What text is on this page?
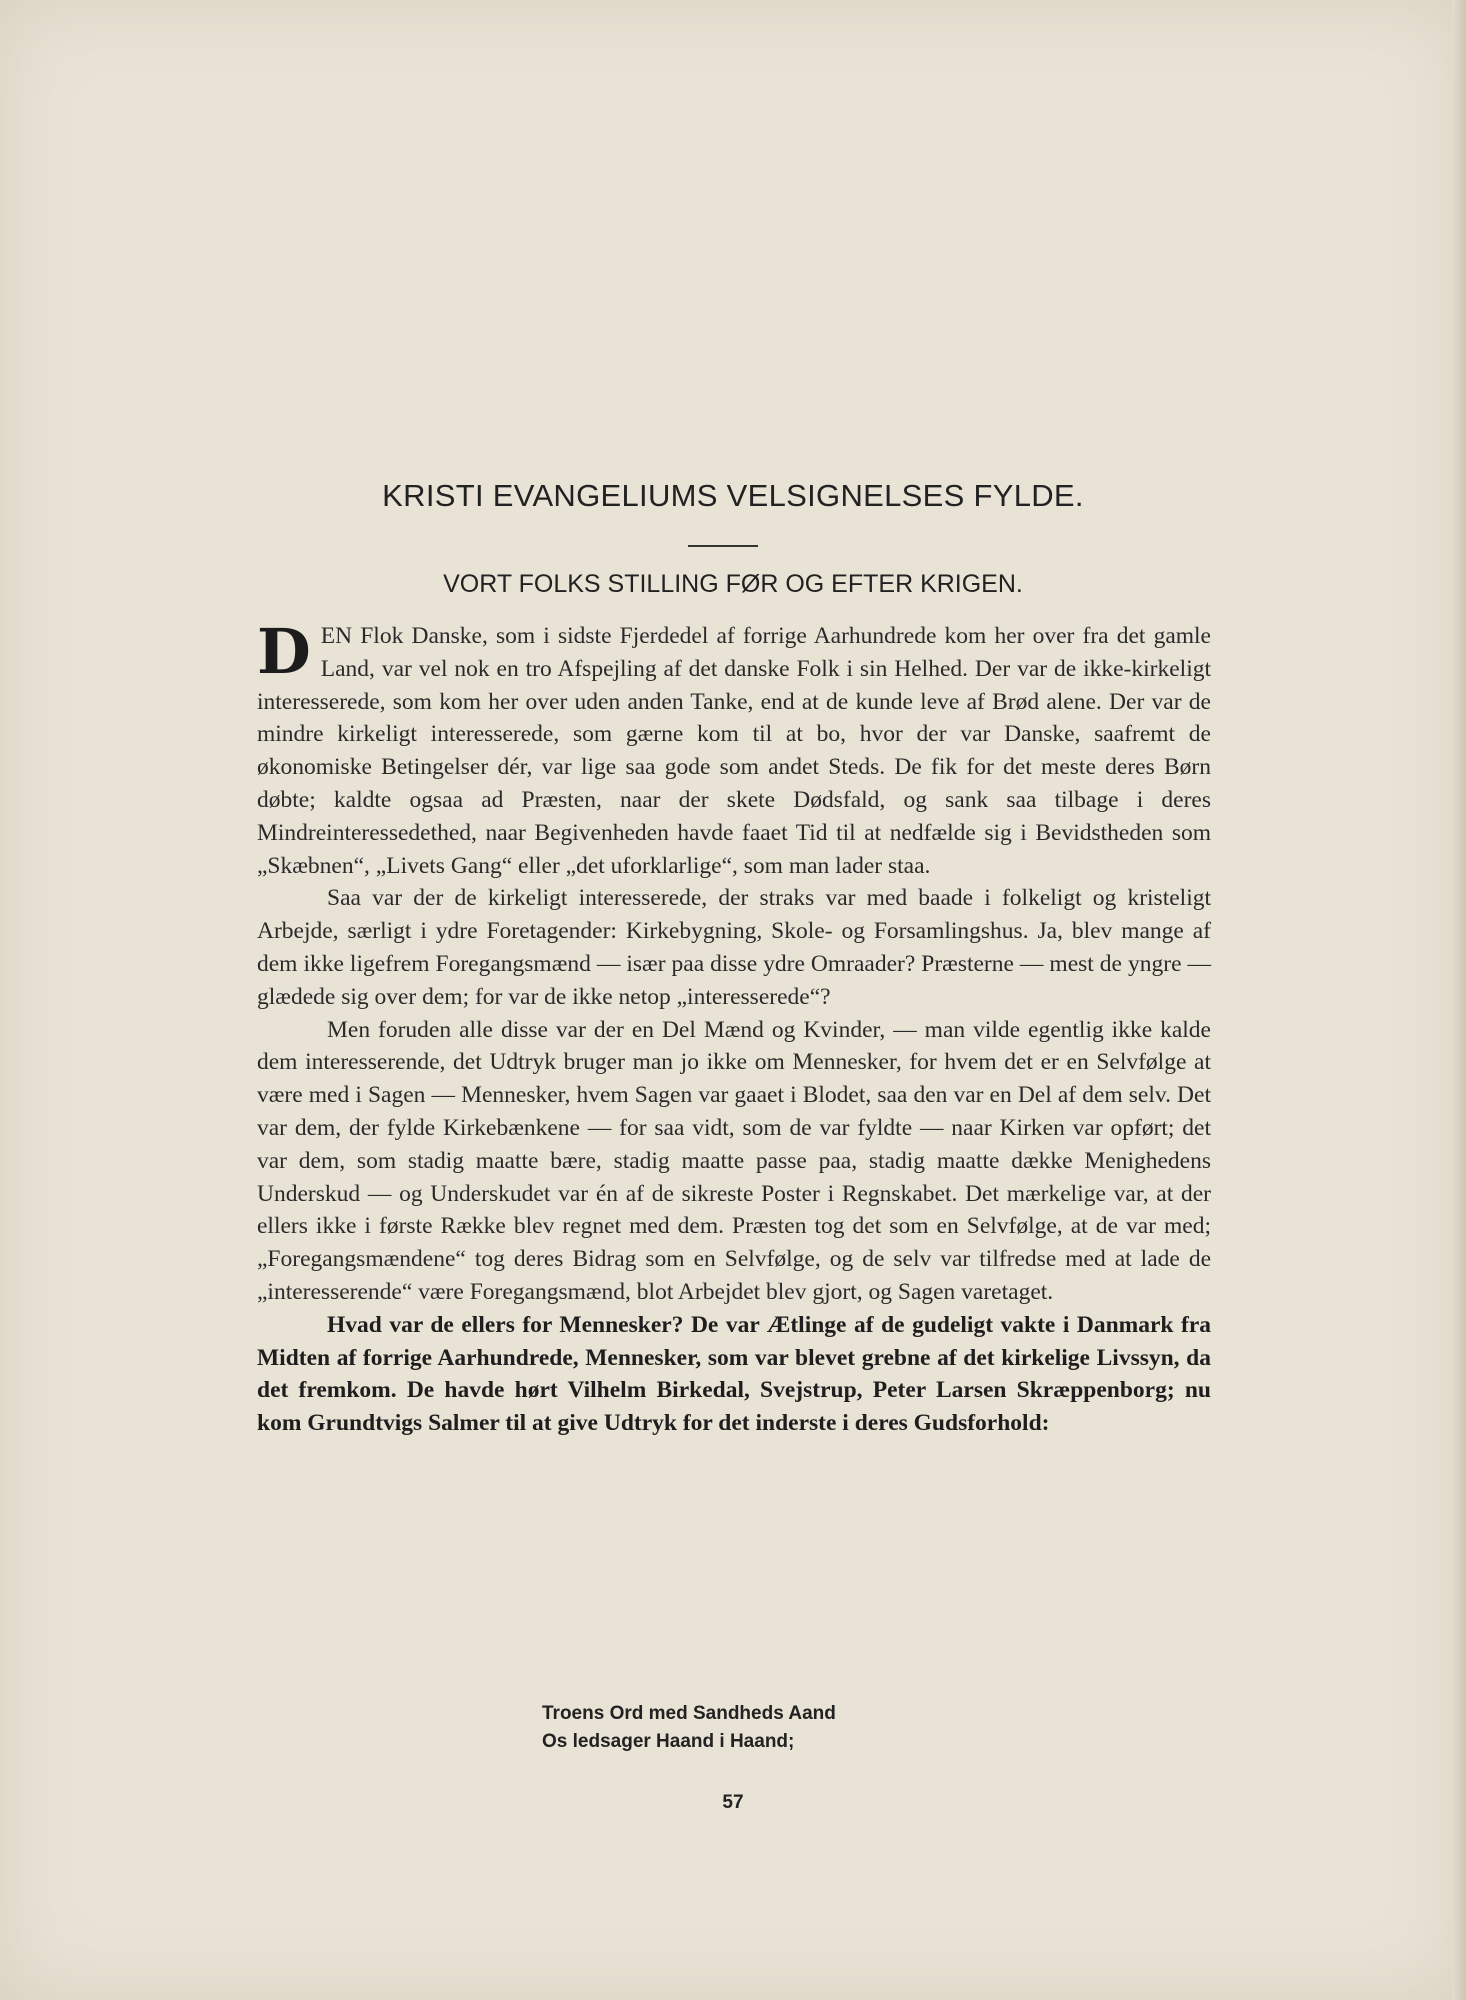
KRISTI EVANGELIUMS VELSIGNELSES FYLDE.
VORT FOLKS STILLING FØR OG EFTER KRIGEN.

DEN Flok Danske, som i sidste Fjerdedel af forrige Aarhundrede kom her over fra det gamle Land, var vel nok en tro Afspejling af det danske Folk i sin Helhed. Der var de ikke-kirkeligt interesserede, som kom her over uden anden Tanke, end at de kunde leve af Brød alene. Der var de mindre kirkeligt interesserede, som gærne kom til at bo, hvor der var Danske, saafremt de økonomiske Betingelser dér, var lige saa gode som andet Steds. De fik for det meste deres Børn døbte; kaldte ogsaa ad Præsten, naar der skete Dødsfald, og sank saa tilbage i deres Mindreinteressedethed, naar Begivenheden havde faaet Tid til at nedfælde sig i Bevidstheden som „Skæbnen“, „Livets Gang“ eller „det uforklarlige“, som man lader staa.

Saa var der de kirkeligt interesserede, der straks var med baade i folkeligt og kristeligt Arbejde, særligt i ydre Foretagender: Kirkebygning, Skole- og Forsamlingshus. Ja, blev mange af dem ikke ligefrem Foregangsmænd — især paa disse ydre Omraader? Præsterne — mest de yngre — glædede sig over dem; for var de ikke netop „interesserede“?

Men foruden alle disse var der en Del Mænd og Kvinder, — man vilde egentlig ikke kalde dem interesserende, det Udtryk bruger man jo ikke om Mennesker, for hvem det er en Selvfølge at være med i Sagen — Mennesker, hvem Sagen var gaaet i Blodet, saa den var en Del af dem selv. Det var dem, der fylde Kirkebænkene — for saa vidt, som de var fyldte — naar Kirken var opført; det var dem, som stadig maatte bære, stadig maatte passe paa, stadig maatte dække Menighedens Underskud — og Underskudet var én af de sikreste Poster i Regnskabet. Det mærkelige var, at der ellers ikke i første Række blev regnet med dem. Præsten tog det som en Selvfølge, at de var med; „Foregangsmændene“ tog deres Bidrag som en Selvfølge, og de selv var tilfredse med at lade de „interesserende“ være Foregangsmænd, blot Arbejdet blev gjort, og Sagen varetaget.

Hvad var de ellers for Mennesker? De var Ætlinge af de gudeligt vakte i Danmark fra Midten af forrige Aarhundrede, Mennesker, som var blevet grebne af det kirkelige Livssyn, da det fremkom. De havde hørt Vilhelm Birkedal, Svejstrup, Peter Larsen Skræppenborg; nu kom Grundtvigs Salmer til at give Udtryk for det inderste i deres Gudsforhold:

Troens Ord med Sandheds Aand
Os ledsager Haand i Haand;
57
